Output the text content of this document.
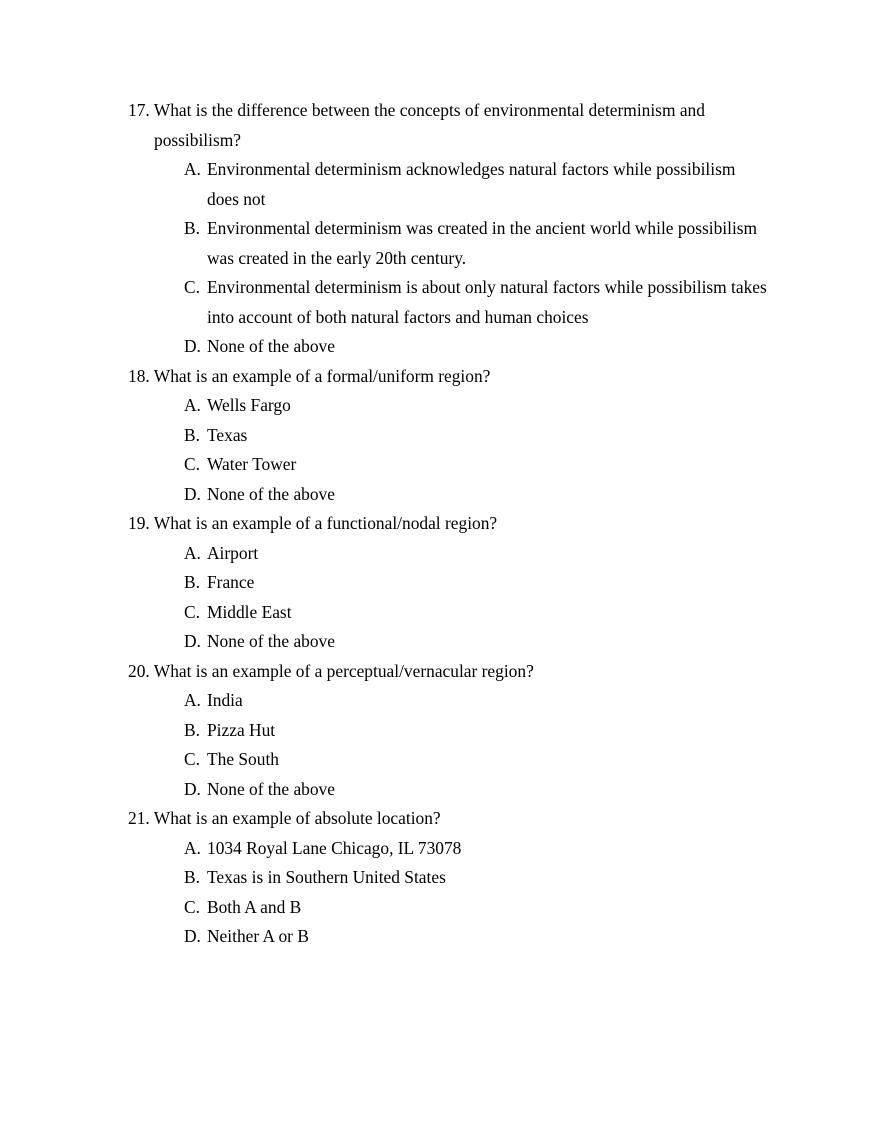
17. What is the difference between the concepts of environmental determinism and possibilism?
A. Environmental determinism acknowledges natural factors while possibilism does not
B. Environmental determinism was created in the ancient world while possibilism was created in the early 20th century.
C. Environmental determinism is about only natural factors while possibilism takes into account of both natural factors and human choices
D. None of the above
18. What is an example of a formal/uniform region?
A. Wells Fargo
B. Texas
C. Water Tower
D. None of the above
19. What is an example of a functional/nodal region?
A. Airport
B. France
C. Middle East
D. None of the above
20. What is an example of a perceptual/vernacular region?
A. India
B. Pizza Hut
C. The South
D. None of the above
21. What is an example of absolute location?
A. 1034 Royal Lane Chicago, IL 73078
B. Texas is in Southern United States
C. Both A and B
D. Neither A or B
